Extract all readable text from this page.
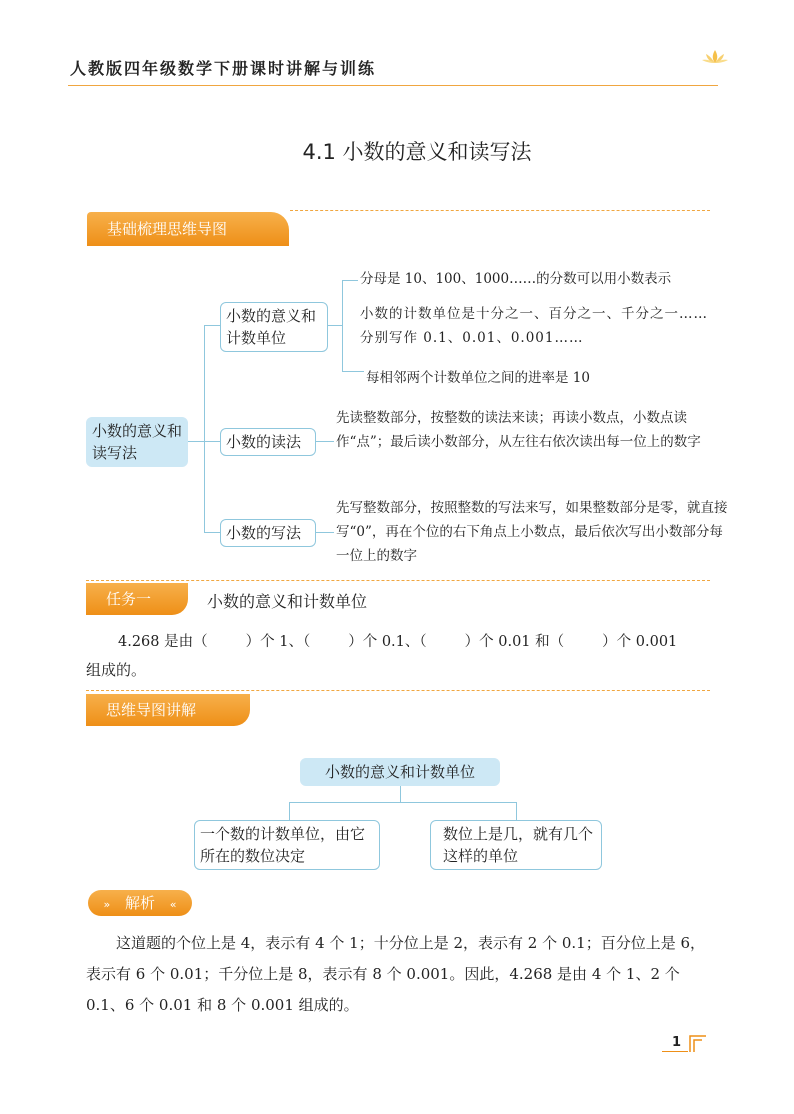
人教版四年级数学下册课时讲解与训练
4.1 小数的意义和读写法
基础梳理思维导图
小数的意义和读写法
小数的意义和计数单位
小数的读法
小数的写法
分母是 10、100、1000……的分数可以用小数表示
小数的计数单位是十分之一、百分之一、千分之一……分别写作 0.1、0.01、0.001……
每相邻两个计数单位之间的进率是 10
先读整数部分，按整数的读法来读；再读小数点，小数点读作“点”；最后读小数部分，从左往右依次读出每一位上的数字
先写整数部分，按照整数的写法来写，如果整数部分是零，就直接写“0”，再在个位的右下角点上小数点，最后依次写出小数部分每一位上的数字
任务一	小数的意义和计数单位
4.268 是由（	）个 1、（	）个 0.1、（	）个 0.01 和（	）个 0.001
组成的。
思维导图讲解
小数的意义和计数单位
一个数的计数单位，由它所在的数位决定
数位上是几，就有几个这样的单位
» 解析 «
这道题的个位上是 4，表示有 4 个 1；十分位上是 2，表示有 2 个 0.1；百分位上是 6，表示有 6 个 0.01；千分位上是 8，表示有 8 个 0.001。因此，4.268 是由 4 个 1、2 个 0.1、6 个 0.01 和 8 个 0.001 组成的。
1
